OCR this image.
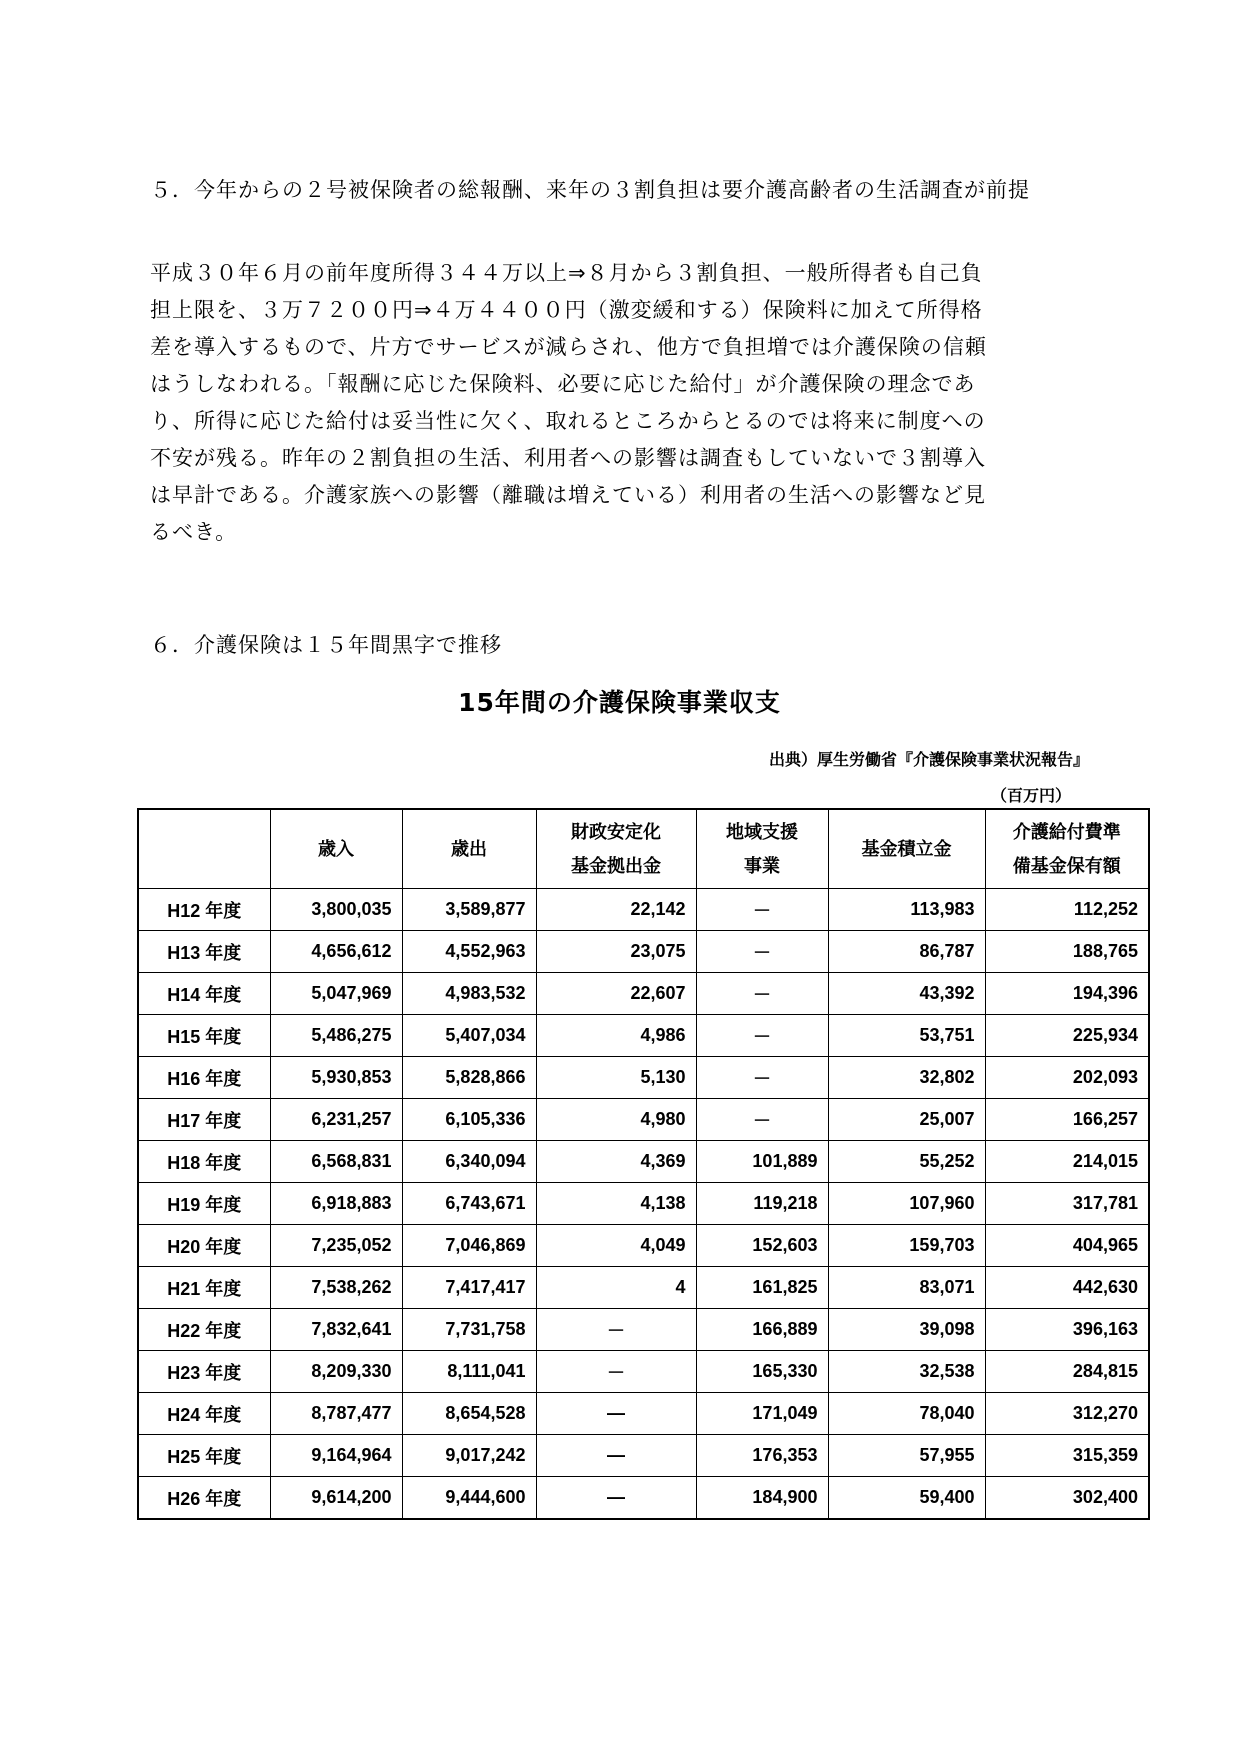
５．今年からの２号被保険者の総報酬、来年の３割負担は要介護高齢者の生活調査が前提
平成３０年６月の前年度所得３４４万以上⇒８月から３割負担、一般所得者も自己負
担上限を、３万７２００円⇒４万４４００円（激変緩和する）保険料に加えて所得格
差を導入するもので、片方でサービスが減らされ、他方で負担増では介護保険の信頼
はうしなわれる。「報酬に応じた保険料、必要に応じた給付」が介護保険の理念であ
り、所得に応じた給付は妥当性に欠く、取れるところからとるのでは将来に制度への
不安が残る。昨年の２割負担の生活、利用者への影響は調査もしていないで３割導入
は早計である。介護家族への影響（離職は増えている）利用者の生活への影響など見
るべき。
６．介護保険は１５年間黒字で推移
15年間の介護保険事業収支
出典）厚生労働省『介護保険事業状況報告』
（百万円）
	歳入	歳出	財政安定化
基金拠出金	地域支援
事業	基金積立金	介護給付費準
備基金保有額
H12 年度	3,800,035	3,589,877	22,142	－	113,983	112,252
H13 年度	4,656,612	4,552,963	23,075	－	86,787	188,765
H14 年度	5,047,969	4,983,532	22,607	－	43,392	194,396
H15 年度	5,486,275	5,407,034	4,986	－	53,751	225,934
H16 年度	5,930,853	5,828,866	5,130	－	32,802	202,093
H17 年度	6,231,257	6,105,336	4,980	－	25,007	166,257
H18 年度	6,568,831	6,340,094	4,369	101,889	55,252	214,015
H19 年度	6,918,883	6,743,671	4,138	119,218	107,960	317,781
H20 年度	7,235,052	7,046,869	4,049	152,603	159,703	404,965
H21 年度	7,538,262	7,417,417	4	161,825	83,071	442,630
H22 年度	7,832,641	7,731,758	－	166,889	39,098	396,163
H23 年度	8,209,330	8,111,041	－	165,330	32,538	284,815
H24 年度	8,787,477	8,654,528	―	171,049	78,040	312,270
H25 年度	9,164,964	9,017,242	―	176,353	57,955	315,359
H26 年度	9,614,200	9,444,600	―	184,900	59,400	302,400
